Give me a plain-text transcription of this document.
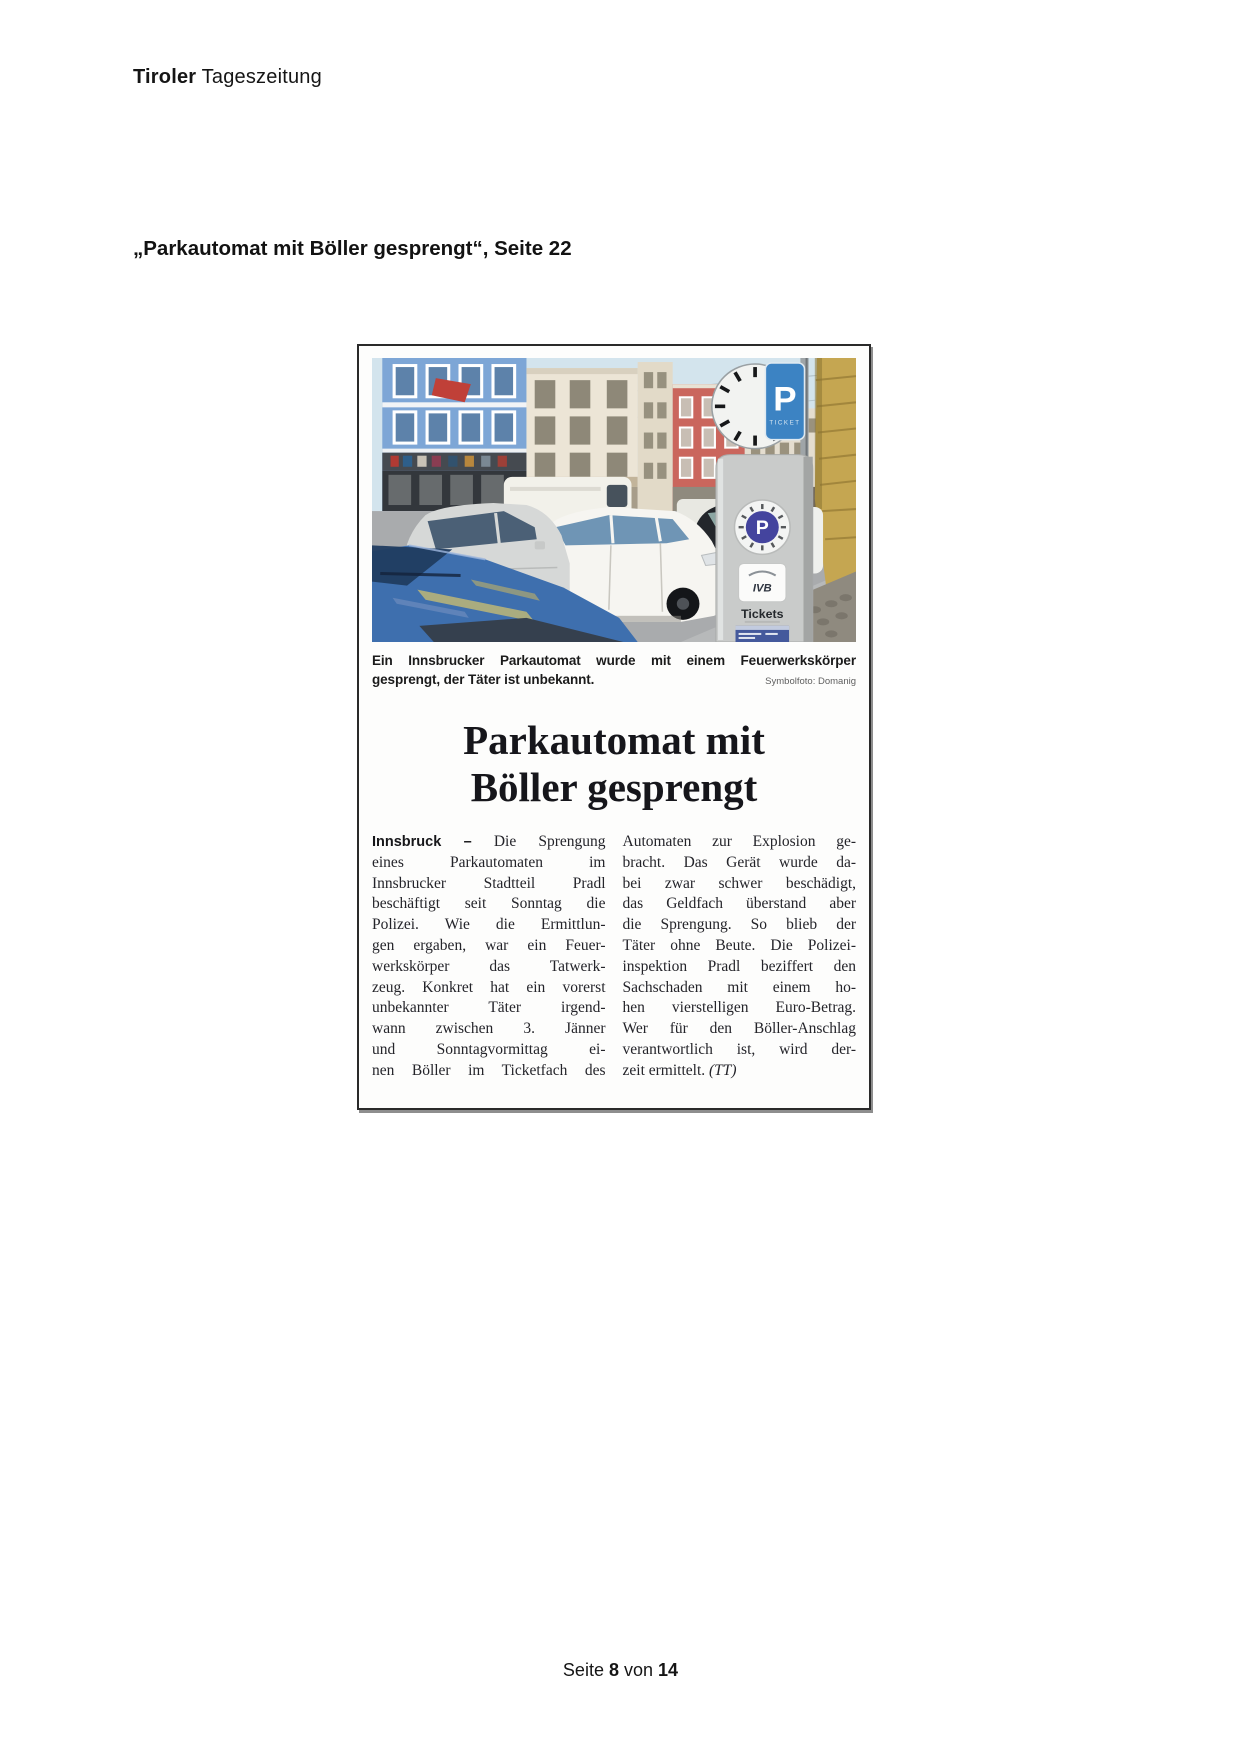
Tiroler Tageszeitung
„Parkautomat mit Böller gesprengt“, Seite 22
P
TICKET
P
IVB
Tickets
Ein Innsbrucker Parkautomat wurde mit einem Feuerwerkskörper
gesprengt, der Täter ist unbekannt.	Symbolfoto: Domanig
Parkautomat mit
Böller gesprengt
Innsbruck – Die Sprengung
eines Parkautomaten im
Innsbrucker Stadtteil Pradl
beschäftigt seit Sonntag die
Polizei. Wie die Ermittlun-
gen ergaben, war ein Feuer-
werkskörper das Tatwerk-
zeug. Konkret hat ein vorerst
unbekannter Täter irgend-
wann zwischen 3. Jänner
und Sonntagvormittag ei-
nen Böller im Ticketfach des
Automaten zur Explosion ge-
bracht. Das Gerät wurde da-
bei zwar schwer beschädigt,
das Geldfach überstand aber
die Sprengung. So blieb der
Täter ohne Beute. Die Polizei-
inspektion Pradl beziffert den
Sachschaden mit einem ho-
hen vierstelligen Euro-Betrag.
Wer für den Böller-Anschlag
verantwortlich ist, wird der-
zeit ermittelt. (TT)
Seite 8 von 14
